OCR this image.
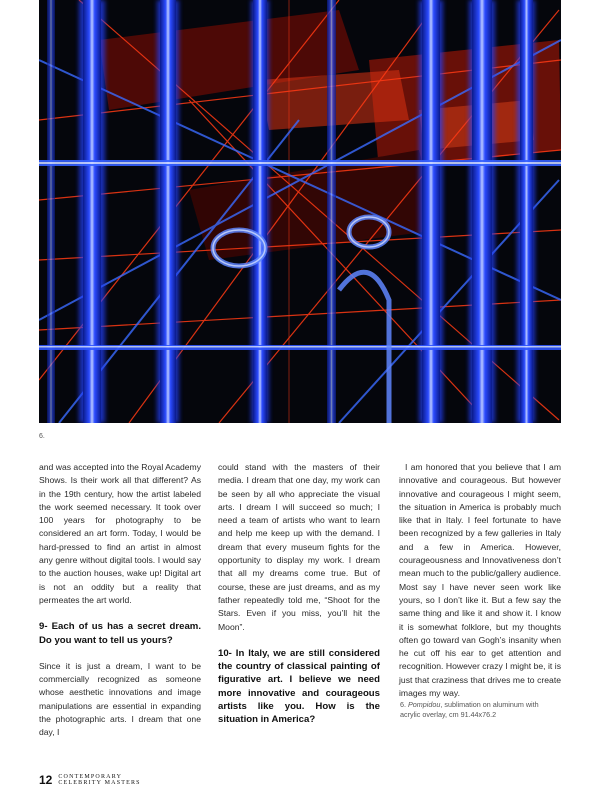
6.

and was accepted into the Royal Academy Shows. Is their work all that different? As in the 19th century, how the artist labeled the work seemed necessary. It took over 100 years for photography to be considered an art form. Today, I would be hard-pressed to find an artist in almost any genre without digital tools. I would say to the auction houses, wake up! Digital art is not an oddity but a reality that permeates the art world.

9- Each of us has a secret dream. Do you want to tell us yours?

Since it is just a dream, I want to be commercially recognized as someone whose aesthetic innovations and image manipulations are essential in expanding the photographic arts. I dream that one day, I

could stand with the masters of their media. I dream that one day, my work can be seen by all who appreciate the visual arts. I dream I will succeed so much; I need a team of artists who want to learn and help me keep up with the demand. I dream that every museum fights for the opportunity to display my work. I dream that all my dreams come true. But of course, these are just dreams, and as my father repeatedly told me, “Shoot for the Stars. Even if you miss, you’ll hit the Moon”.

10- In Italy, we are still considered the country of classical painting of figurative art. I believe we need more innovative and courageous artists like you. How is the situation in America?

I am honored that you believe that I am innovative and courageous. But however innovative and courageous I might seem, the situation in America is probably much like that in Italy. I feel fortunate to have been recognized by a few galleries in Italy and a few in America. However, courageousness and Innovativeness don’t mean much to the public/gallery audience. Most say I have never seen work like yours, so I don’t like it. But a few say the same thing and like it and show it. I know it is somewhat folklore, but my thoughts often go toward van Gogh’s insanity when he cut off his ear to get attention and recognition. However crazy I might be, it is just that craziness that drives me to create images my way.

6. Pompidou, sublimation on aluminum with acrylic overlay, cm 91.44x76.2
12 CONTEMPORARY
CELEBRITY MASTERS
